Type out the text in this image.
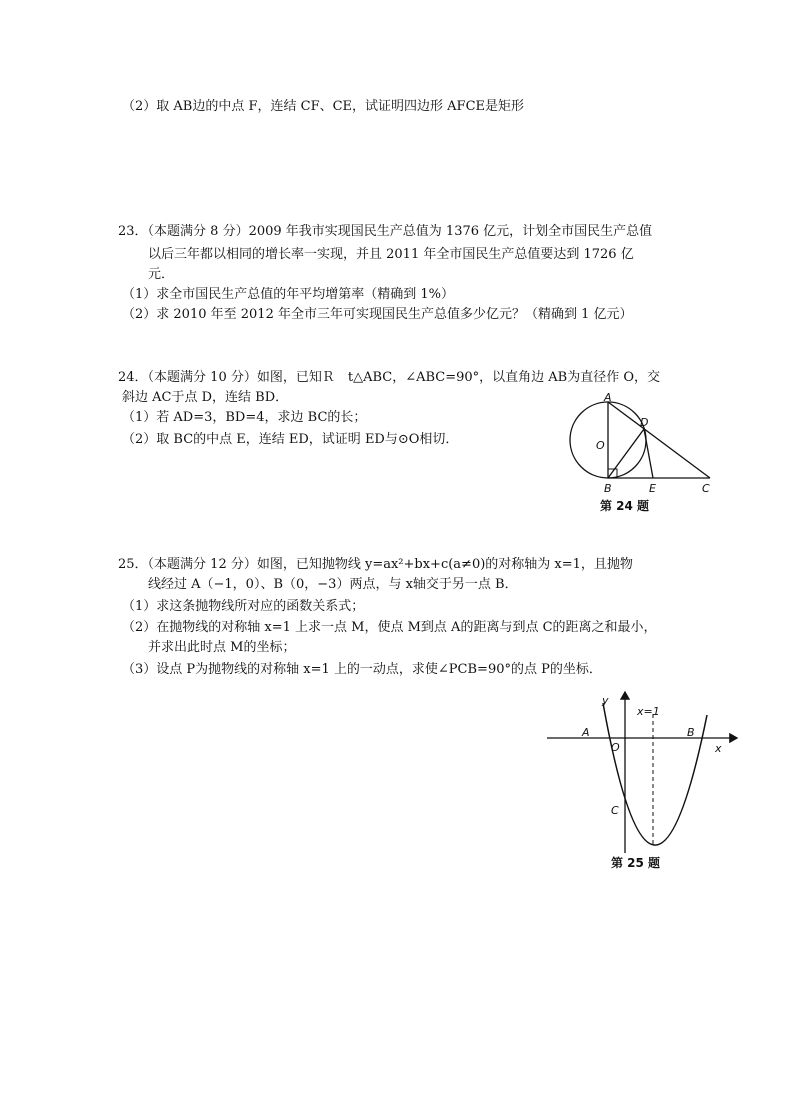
（2）取 AB边的中点 F，连结 CF、CE，试证明四边形 AFCE是矩形
23．（本题满分 8 分）2009 年我市实现国民生产总值为 1376 亿元，计划全市国民生产总值
以后三年都以相同的增长率一实现，并且 2011 年全市国民生产总值要达到 1726 亿
元．
（1）求全市国民生产总值的年平均增第率（精确到 1%）
（2）求 2010 年至 2012 年全市三年可实现国民生产总值多少亿元？（精确到 1 亿元）
24．（本题满分 10 分）如图，已知Ｒ　t△ABC，∠ABC=90°，以直角边 AB为直径作 O，交
斜边 AC于点 D，连结 BD．
（1）若 AD=3，BD=4，求边 BC的长；
（2）取 BC的中点 E，连结 ED，试证明 ED与⊙O相切．
25．（本题满分 12 分）如图，已知抛物线 y=ax²+bx+c(a≠0)的对称轴为 x=1，且抛物
线经过 A（−1，0）、B（0，−3）两点，与 x轴交于另一点 B．
（1）求这条抛物线所对应的函数关系式；
（2）在抛物线的对称轴 x=1 上求一点 M，使点 M到点 A的距离与到点 C的距离之和最小，
并求出此时点 M的坐标；
（3）设点 P为抛物线的对称轴 x=1 上的一动点，求使∠PCB=90°的点 P的坐标．
A
D
O
B	E	C
第 24 题
y
x=1
A	B
O	x
C
第 25 题
